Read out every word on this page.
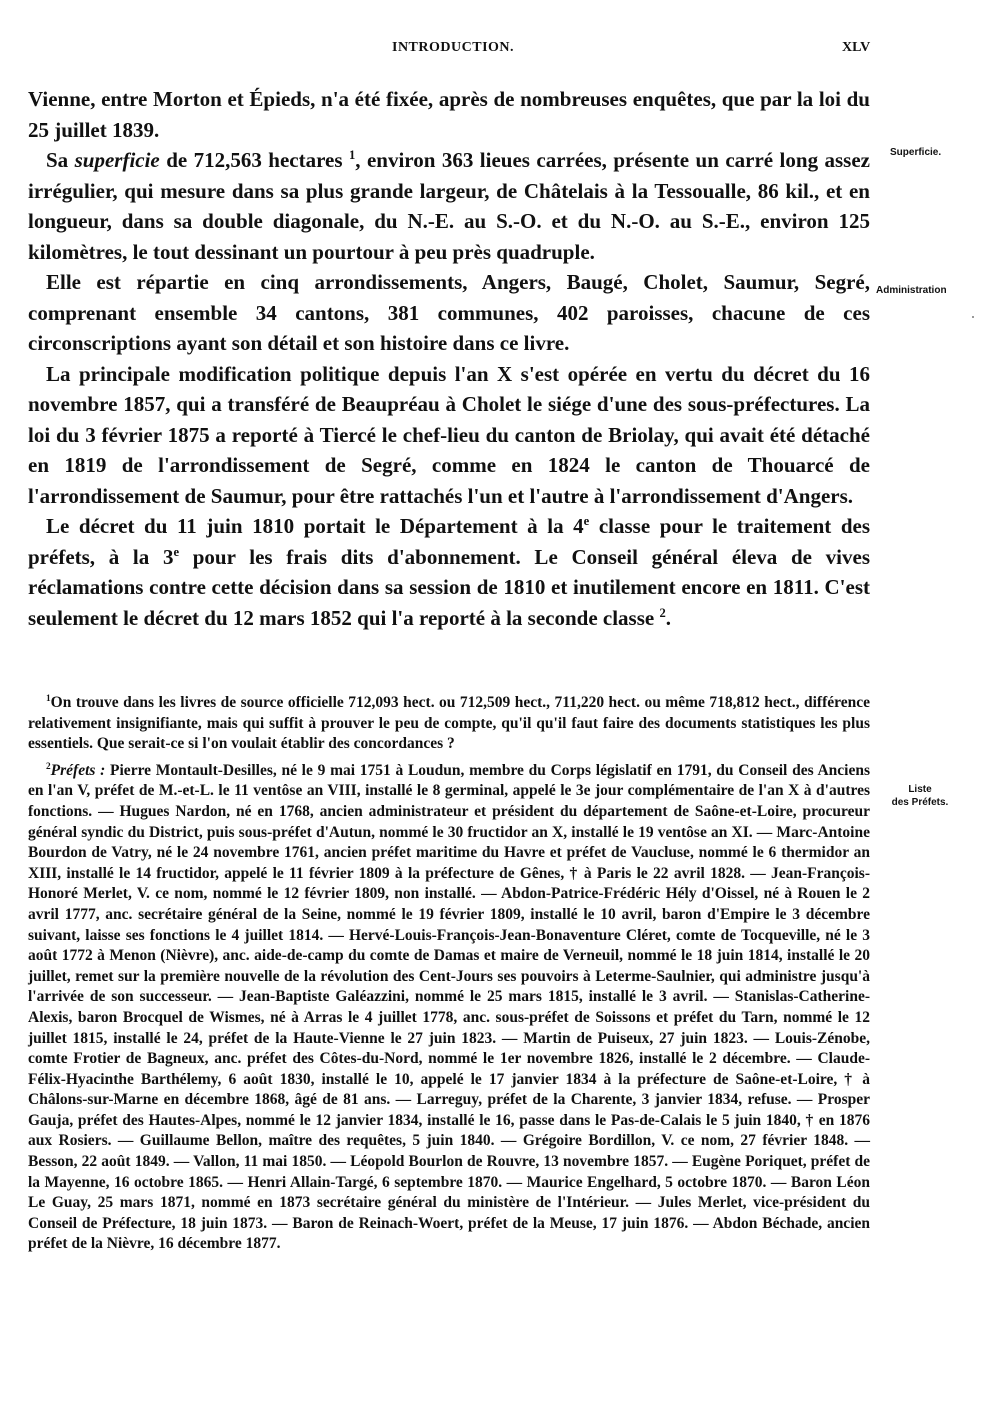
INTRODUCTION.	XLV
Superficie.
Administration
Liste
des Préfets.

Vienne, entre Morton et Épieds, n'a été fixée, après de nombreuses enquêtes, que par la loi du 25 juillet 1839.

Sa superficie de 712,563 hectares $^1$, environ 363 lieues carrées, présente un carré long assez irrégulier, qui mesure dans sa plus grande largeur, de Châtelais à la Tessoualle, 86 kil., et en longueur, dans sa double diagonale, du N.-E. au S.-O. et du N.-O. au S.-E., environ 125 kilomètres, le tout dessinant un pourtour à peu près quadruple.

Elle est répartie en cinq arrondissements, Angers, Baugé, Cholet, Saumur, Segré, comprenant ensemble 34 cantons, 381 communes, 402 paroisses, chacune de ces circonscriptions ayant son détail et son histoire dans ce livre.

La principale modification politique depuis l'an X s'est opérée en vertu du décret du 16 novembre 1857, qui a transféré de Beaupréau à Cholet le siége d'une des sous-préfectures. La loi du 3 février 1875 a reporté à Tiercé le chef-lieu du canton de Briolay, qui avait été détaché en 1819 de l'arrondissement de Segré, comme en 1824 le canton de Thouarcé de l'arrondissement de Saumur, pour être rattachés l'un et l'autre à l'arrondissement d'Angers.

Le décret du 11 juin 1810 portait le Département à la 4e classe pour le traitement des préfets, à la 3e pour les frais dits d'abonnement. Le Conseil général éleva de vives réclamations contre cette décision dans sa session de 1810 et inutilement encore en 1811. C'est seulement le décret du 12 mars 1852 qui l'a reporté à la seconde classe $^2$.

$^1$On trouve dans les livres de source officielle 712,093 hect. ou 712,509 hect., 711,220 hect. ou même 718,812 hect., différence relativement insignifiante, mais qui suffit à prouver le peu de compte, qu'il qu'il faut faire des documents statistiques les plus essentiels. Que serait-ce si l'on voulait établir des concordances ?

$^2$Préfets : Pierre Montault-Desilles, né le 9 mai 1751 à Loudun, membre du Corps législatif en 1791, du Conseil des Anciens en l'an V, préfet de M.-et-L. le 11 ventôse an VIII, installé le 8 germinal, appelé le 3e jour complémentaire de l'an X à d'autres fonctions. — Hugues Nardon, né en 1768, ancien administrateur et président du département de Saône-et-Loire, procureur général syndic du District, puis sous-préfet d'Autun, nommé le 30 fructidor an X, installé le 19 ventôse an XI. — Marc-Antoine Bourdon de Vatry, né le 24 novembre 1761, ancien préfet maritime du Havre et préfet de Vaucluse, nommé le 6 thermidor an XIII, installé le 14 fructidor, appelé le 11 février 1809 à la préfecture de Gênes, † à Paris le 22 avril 1828. — Jean-François-Honoré Merlet, V. ce nom, nommé le 12 février 1809, non installé. — Abdon-Patrice-Frédéric Hély d'Oissel, né à Rouen le 2 avril 1777, anc. secrétaire général de la Seine, nommé le 19 février 1809, installé le 10 avril, baron d'Empire le 3 décembre suivant, laisse ses fonctions le 4 juillet 1814. — Hervé-Louis-François-Jean-Bonaventure Cléret, comte de Tocqueville, né le 3 août 1772 à Menon (Nièvre), anc. aide-de-camp du comte de Damas et maire de Verneuil, nommé le 18 juin 1814, installé le 20 juillet, remet sur la première nouvelle de la révolution des Cent-Jours ses pouvoirs à Leterme-Saulnier, qui administre jusqu'à l'arrivée de son successeur. — Jean-Baptiste Galéazzini, nommé le 25 mars 1815, installé le 3 avril. — Stanislas-Catherine-Alexis, baron Brocquel de Wismes, né à Arras le 4 juillet 1778, anc. sous-préfet de Soissons et préfet du Tarn, nommé le 12 juillet 1815, installé le 24, préfet de la Haute-Vienne le 27 juin 1823. — Martin de Puiseux, 27 juin 1823. — Louis-Zénobe, comte Frotier de Bagneux, anc. préfet des Côtes-du-Nord, nommé le 1er novembre 1826, installé le 2 décembre. — Claude-Félix-Hyacinthe Barthélemy, 6 août 1830, installé le 10, appelé le 17 janvier 1834 à la préfecture de Saône-et-Loire, † à Châlons-sur-Marne en décembre 1868, âgé de 81 ans. — Larreguy, préfet de la Charente, 3 janvier 1834, refuse. — Prosper Gauja, préfet des Hautes-Alpes, nommé le 12 janvier 1834, installé le 16, passe dans le Pas-de-Calais le 5 juin 1840, † en 1876 aux Rosiers. — Guillaume Bellon, maître des requêtes, 5 juin 1840. — Grégoire Bordillon, V. ce nom, 27 février 1848. — Besson, 22 août 1849. — Vallon, 11 mai 1850. — Léopold Bourlon de Rouvre, 13 novembre 1857. — Eugène Poriquet, préfet de la Mayenne, 16 octobre 1865. — Henri Allain-Targé, 6 septembre 1870. — Maurice Engelhard, 5 octobre 1870. — Baron Léon Le Guay, 25 mars 1871, nommé en 1873 secrétaire général du ministère de l'Intérieur. — Jules Merlet, vice-président du Conseil de Préfecture, 18 juin 1873. — Baron de Reinach-Woert, préfet de la Meuse, 17 juin 1876. — Abdon Béchade, ancien préfet de la Nièvre, 16 décembre 1877.
